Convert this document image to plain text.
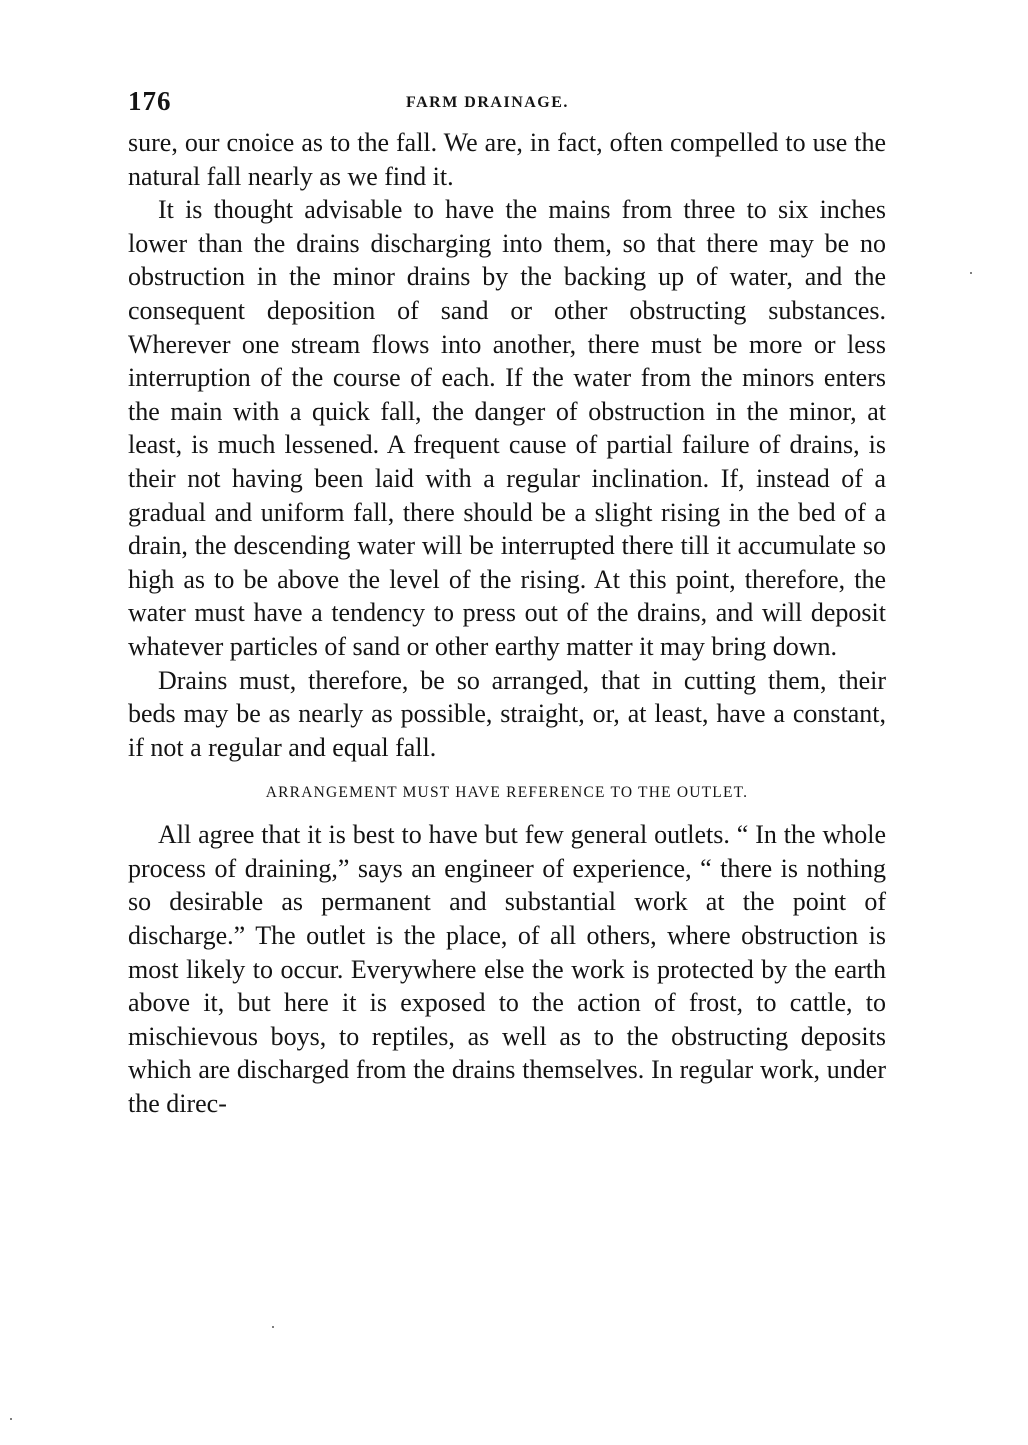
176	FARM DRAINAGE.

sure, our cnoice as to the fall. We are, in fact, often compelled to use the natural fall nearly as we find it.

It is thought advisable to have the mains from three to six inches lower than the drains discharging into them, so that there may be no obstruction in the minor drains by the backing up of water, and the consequent deposition of sand or other obstructing substances. Wherever one stream flows into another, there must be more or less interruption of the course of each. If the water from the minors enters the main with a quick fall, the danger of obstruction in the minor, at least, is much lessened. A frequent cause of partial failure of drains, is their not having been laid with a regular inclination. If, instead of a gradual and uniform fall, there should be a slight rising in the bed of a drain, the descending water will be interrupted there till it accumulate so high as to be above the level of the rising. At this point, therefore, the water must have a tendency to press out of the drains, and will deposit whatever particles of sand or other earthy matter it may bring down.

Drains must, therefore, be so arranged, that in cutting them, their beds may be as nearly as possible, straight, or, at least, have a constant, if not a regular and equal fall.

ARRANGEMENT MUST HAVE REFERENCE TO THE OUTLET.

All agree that it is best to have but few general outlets. “ In the whole process of draining,” says an engineer of experience, “ there is nothing so desirable as permanent and substantial work at the point of discharge.” The outlet is the place, of all others, where obstruction is most likely to occur. Everywhere else the work is protected by the earth above it, but here it is exposed to the action of frost, to cattle, to mischievous boys, to reptiles, as well as to the obstructing deposits which are discharged from the drains themselves. In regular work, under the direc-
